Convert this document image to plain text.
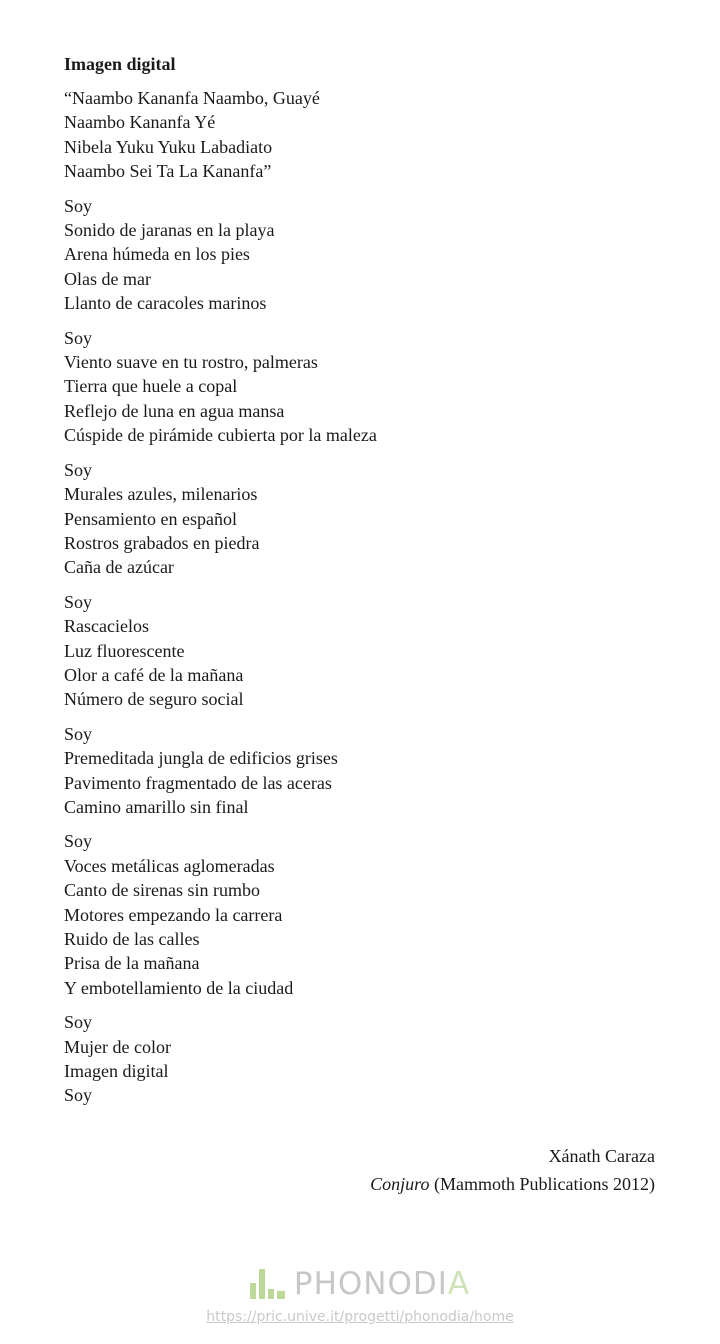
Imagen digital
“Naambo Kananfa Naambo, Guayé
Naambo Kananfa Yé
Nibela Yuku Yuku Labadiato
Naambo Sei Ta La Kananfa”
Soy
Sonido de jaranas en la playa
Arena húmeda en los pies
Olas de mar
Llanto de caracoles marinos
Soy
Viento suave en tu rostro, palmeras
Tierra que huele a copal
Reflejo de luna en agua mansa
Cúspide de pirámide cubierta por la maleza
Soy
Murales azules, milenarios
Pensamiento en español
Rostros grabados en piedra
Caña de azúcar
Soy
Rascacielos
Luz fluorescente
Olor a café de la mañana
Número de seguro social
Soy
Premeditada jungla de edificios grises
Pavimento fragmentado de las aceras
Camino amarillo sin final
Soy
Voces metálicas aglomeradas
Canto de sirenas sin rumbo
Motores empezando la carrera
Ruido de las calles
Prisa de la mañana
Y embotellamiento de la ciudad
Soy
Mujer de color
Imagen digital
Soy
Xánath Caraza
Conjuro (Mammoth Publications 2012)
PHONODIA
https://pric.unive.it/progetti/phonodia/home
